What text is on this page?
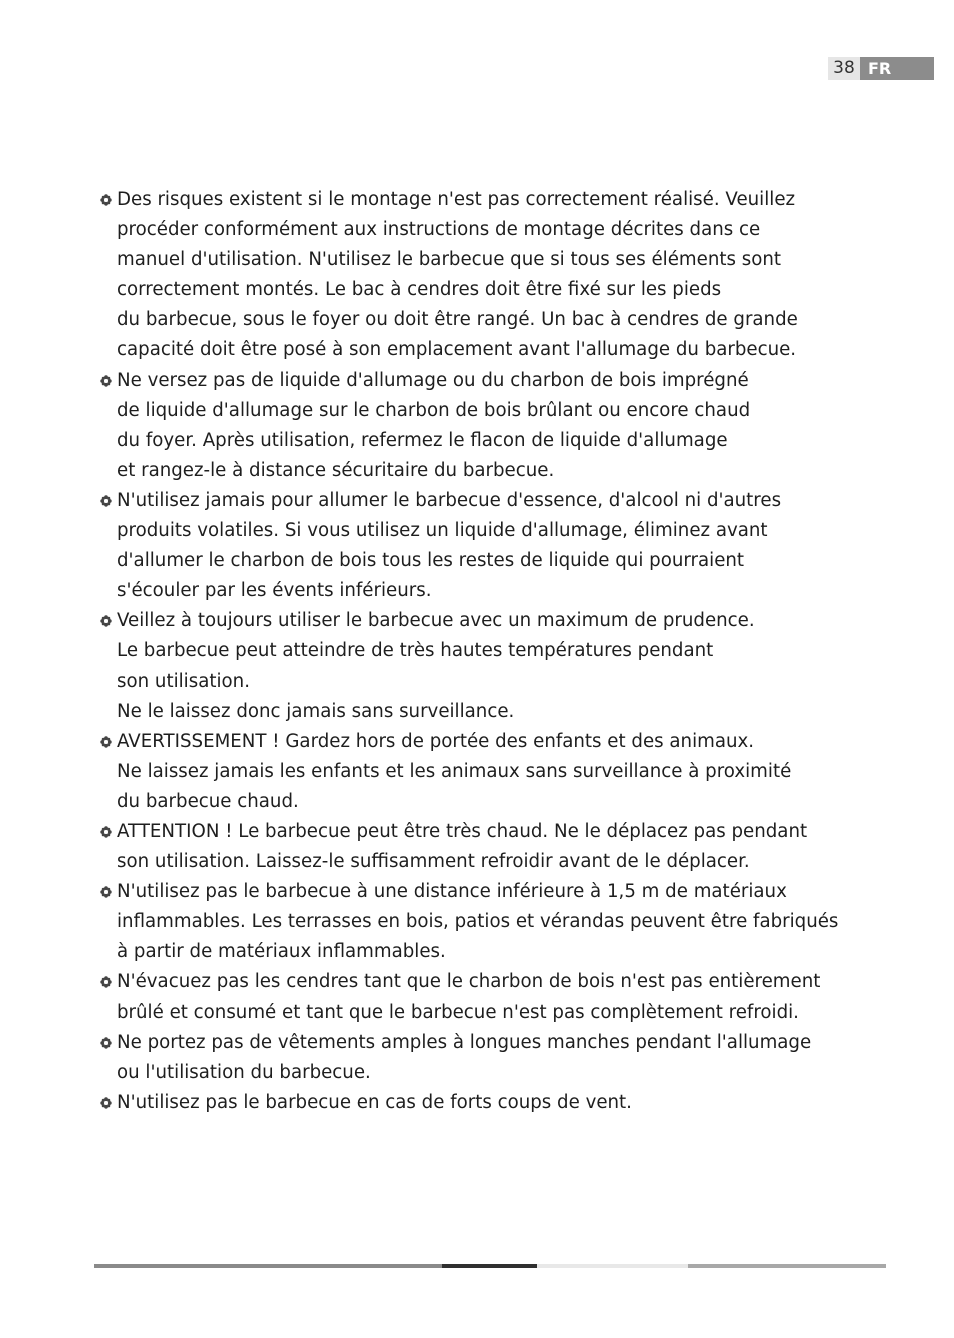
38 FR
Des risques existent si le montage n'est pas correctement réalisé. Veuillez
procéder conformément aux instructions de montage décrites dans ce
manuel d'utilisation. N'utilisez le barbecue que si tous ses éléments sont
correctement montés. Le bac à cendres doit être fixé sur les pieds
du barbecue, sous le foyer ou doit être rangé. Un bac à cendres de grande
capacité doit être posé à son emplacement avant l'allumage du barbecue.
Ne versez pas de liquide d'allumage ou du charbon de bois imprégné
de liquide d'allumage sur le charbon de bois brûlant ou encore chaud
du foyer. Après utilisation, refermez le flacon de liquide d'allumage
et rangez-le à distance sécuritaire du barbecue.
N'utilisez jamais pour allumer le barbecue d'essence, d'alcool ni d'autres
produits volatiles. Si vous utilisez un liquide d'allumage, éliminez avant
d'allumer le charbon de bois tous les restes de liquide qui pourraient
s'écouler par les évents inférieurs.
Veillez à toujours utiliser le barbecue avec un maximum de prudence.
Le barbecue peut atteindre de très hautes températures pendant
son utilisation.
Ne le laissez donc jamais sans surveillance.
AVERTISSEMENT ! Gardez hors de portée des enfants et des animaux.
Ne laissez jamais les enfants et les animaux sans surveillance à proximité
du barbecue chaud.
ATTENTION ! Le barbecue peut être très chaud. Ne le déplacez pas pendant
son utilisation. Laissez-le suffisamment refroidir avant de le déplacer.
N'utilisez pas le barbecue à une distance inférieure à 1,5 m de matériaux
inflammables. Les terrasses en bois, patios et vérandas peuvent être fabriqués
à partir de matériaux inflammables.
N'évacuez pas les cendres tant que le charbon de bois n'est pas entièrement
brûlé et consumé et tant que le barbecue n'est pas complètement refroidi.
Ne portez pas de vêtements amples à longues manches pendant l'allumage
ou l'utilisation du barbecue.
N'utilisez pas le barbecue en cas de forts coups de vent.
